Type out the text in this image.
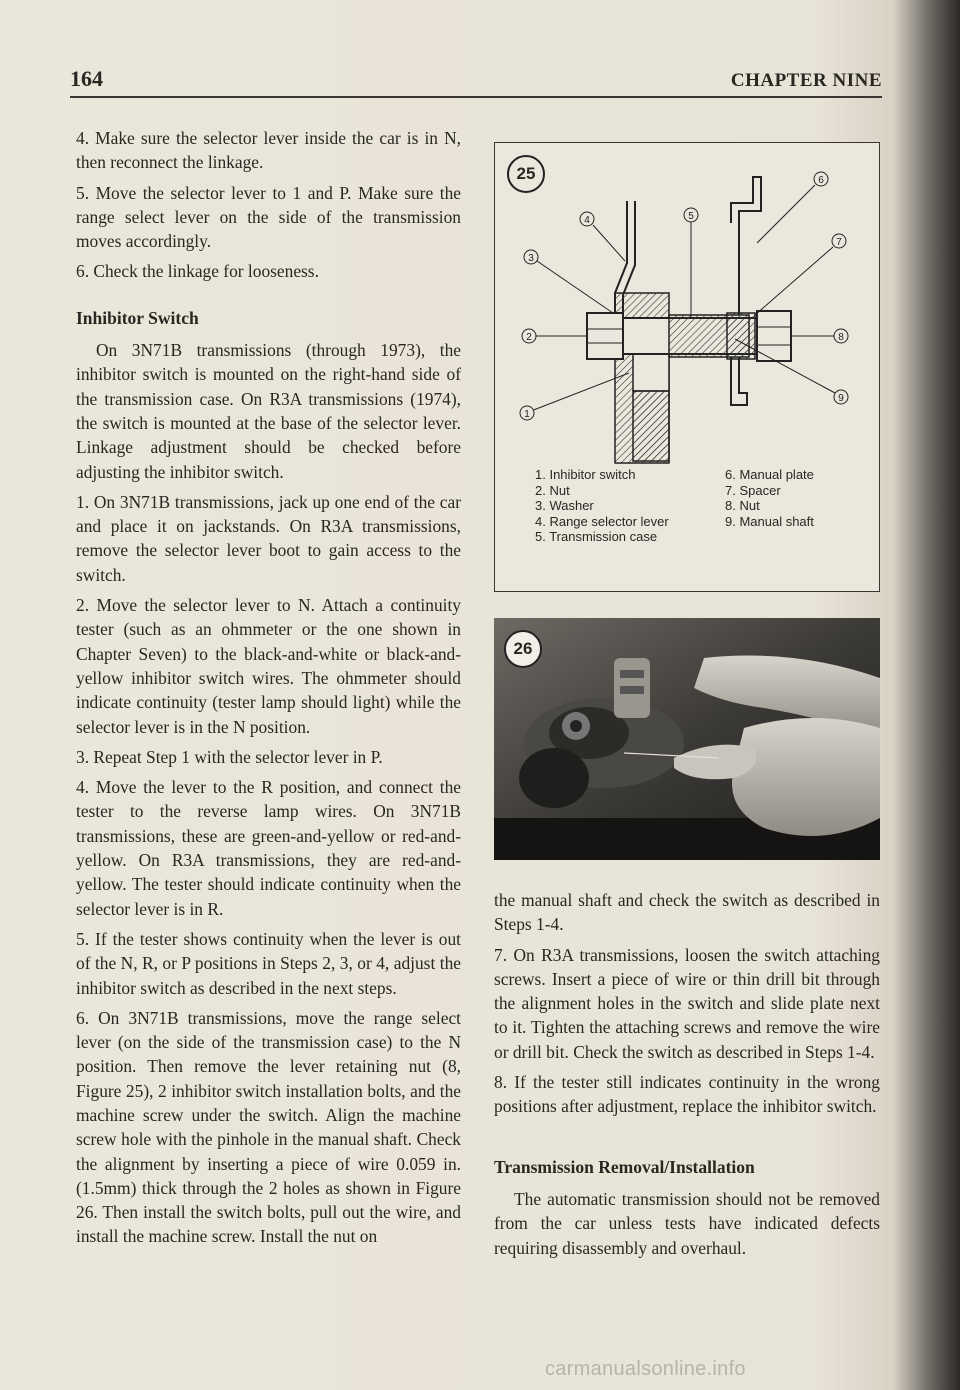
164	CHAPTER NINE

4. Make sure the selector lever inside the car is in N, then reconnect the linkage.

5. Move the selector lever to 1 and P. Make sure the range select lever on the side of the transmission moves accordingly.

6. Check the linkage for looseness.

Inhibitor Switch

On 3N71B transmissions (through 1973), the inhibitor switch is mounted on the right-hand side of the transmission case. On R3A transmissions (1974), the switch is mounted at the base of the selector lever. Linkage adjustment should be checked before adjusting the inhibitor switch.

1. On 3N71B transmissions, jack up one end of the car and place it on jackstands. On R3A transmissions, remove the selector lever boot to gain access to the switch.

2. Move the selector lever to N. Attach a continuity tester (such as an ohmmeter or the one shown in Chapter Seven) to the black-and-white or black-and-yellow inhibitor switch wires. The ohmmeter should indicate continuity (tester lamp should light) while the selector lever is in the N position.

3. Repeat Step 1 with the selector lever in P.

4. Move the lever to the R position, and connect the tester to the reverse lamp wires. On 3N71B transmissions, these are green-and-yellow or red-and-yellow. On R3A transmissions, they are red-and-yellow. The tester should indicate continuity when the selector lever is in R.

5. If the tester shows continuity when the lever is out of the N, R, or P positions in Steps 2, 3, or 4, adjust the inhibitor switch as described in the next steps.

6. On 3N71B transmissions, move the range select lever (on the side of the transmission case) to the N position. Then remove the lever retaining nut (8, Figure 25), 2 inhibitor switch installation bolts, and the machine screw under the switch. Align the machine screw hole with the pinhole in the manual shaft. Check the alignment by inserting a piece of wire 0.059 in. (1.5mm) thick through the 2 holes as shown in Figure 26. Then install the switch bolts, pull out the wire, and install the machine screw. Install the nut on

1
2
3
4	5
6
7
8
9
25
1. Inhibitor switch
2. Nut
3. Washer
4. Range selector lever
5. Transmission case
6. Manual plate
7. Spacer
8. Nut
9. Manual shaft
26

the manual shaft and check the switch as described in Steps 1-4.

7. On R3A transmissions, loosen the switch attaching screws. Insert a piece of wire or thin drill bit through the alignment holes in the switch and slide plate next to it. Tighten the attaching screws and remove the wire or drill bit. Check the switch as described in Steps 1-4.

8. If the tester still indicates continuity in the wrong positions after adjustment, replace the inhibitor switch.

Transmission Removal/Installation

The automatic transmission should not be removed from the car unless tests have indicated defects requiring disassembly and overhaul.

carmanualsonline.info
